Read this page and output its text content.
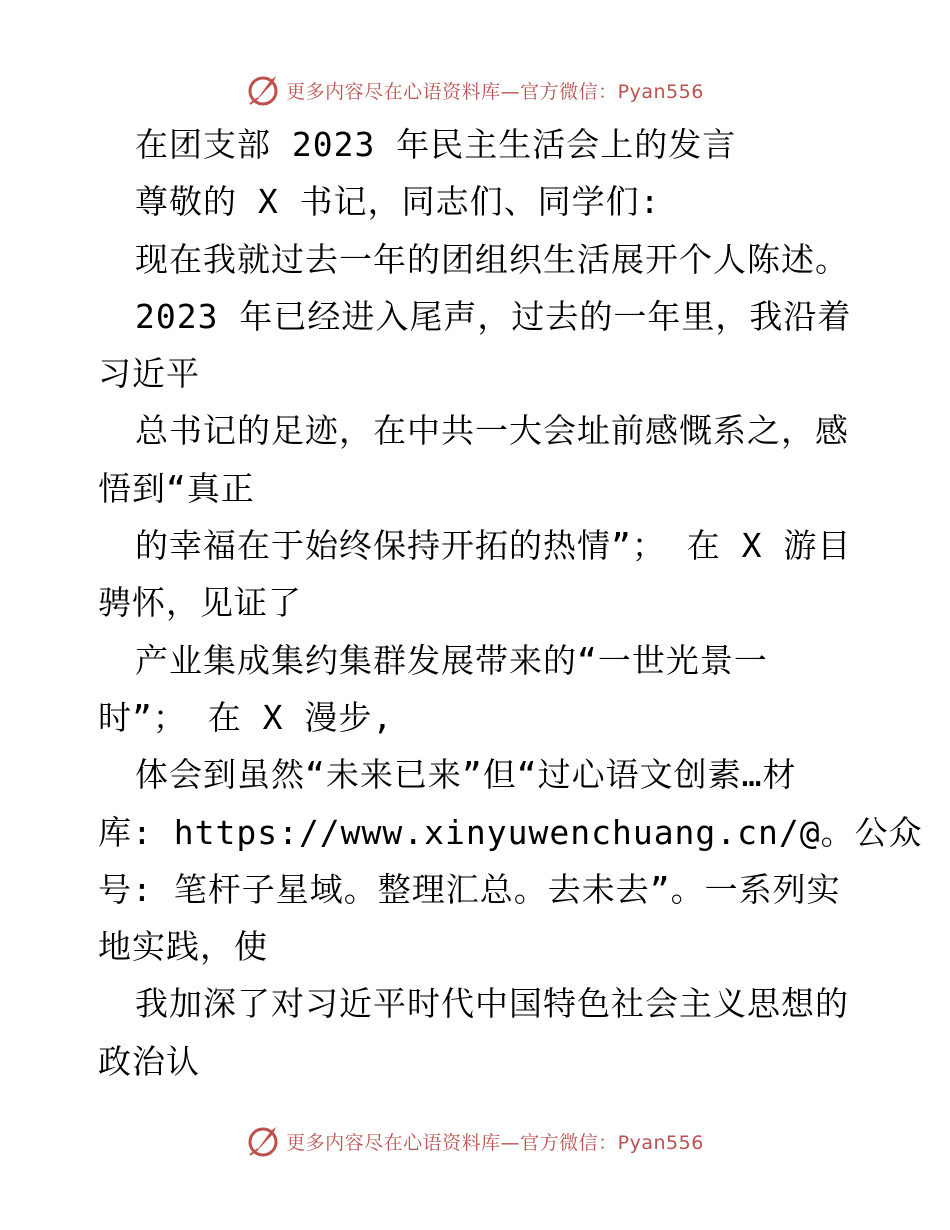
更多内容尽在心语资料库—官方微信：Pyan556
在团支部 2023 年民主生活会上的发言
尊敬的 X 书记，同志们、同学们:
现在我就过去一年的团组织生活展开个人陈述。
2023 年已经进入尾声，过去的一年里，我沿着
习近平
总书记的足迹，在中共一大会址前感慨系之，感
悟到“真正
的幸福在于始终保持开拓的热情”； 在 X 游目
骋怀，见证了
产业集成集约集群发展带来的“一世光景一
时”； 在 X 漫步,
体会到虽然“未来已来”但“过心语文创素…材
库: https://www.xinyuwenchuang.cn/@。公众
号: 笔杆子星域。整理汇总。去未去”。一系列实
地实践，使
我加深了对习近平时代中国特色社会主义思想的
政治认
更多内容尽在心语资料库—官方微信：Pyan556
